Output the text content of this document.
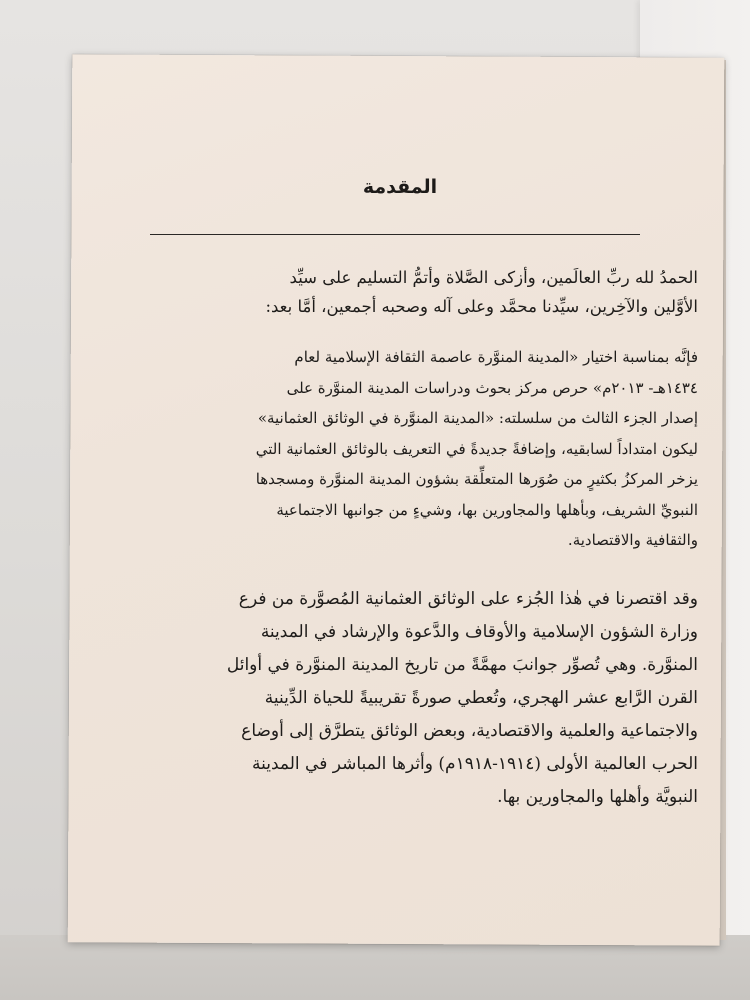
المقدمة
الحمدُ لله ربِّ العالَمين، وأزكى الصَّلاة وأتمُّ التسليم على سيِّد
الأوَّلين والآخِرين، سيِّدنا محمَّد وعلى آله وصحبه أجمعين، أمَّا بعد:
فإنَّه بمناسبة اختيار «المدينة المنوَّرة عاصمة الثقافة الإسلامية لعام
١٤٣٤هـ- ٢٠١٣م» حرص مركز بحوث ودراسات المدينة المنوَّرة على
إصدار الجزء الثالث من سلسلته: «المدينة المنوَّرة في الوثائق العثمانية»
ليكون امتداداً لسابقيه، وإضافةً جديدةً في التعريف بالوثائق العثمانية التي
يزخر المركزُ بكثيرٍ من صُوَرها المتعلِّقة بشؤون المدينة المنوَّرة ومسجدها
النبويِّ الشريف، وبأهلها والمجاورين بها، وشيءٍ من جوانبها الاجتماعية
والثقافية والاقتصادية.
وقد اقتصرنا في هٰذا الجُزء على الوثائق العثمانية المُصوَّرة من فرع
وزارة الشؤون الإسلامية والأوقاف والدَّعوة والإرشاد في المدينة
المنوَّرة. وهي تُصوِّر جوانبَ مهمَّةً من تاريخ المدينة المنوَّرة في أوائل
القرن الرَّابع عشر الهجري، وتُعطي صورةً تقريبيةً للحياة الدِّينية
والاجتماعية والعلمية والاقتصادية، وبعض الوثائق يتطرَّق إلى أوضاع
الحرب العالمية الأولى (١٩١٤-١٩١٨م) وأثرها المباشر في المدينة
النبويَّة وأهلها والمجاورين بها.
